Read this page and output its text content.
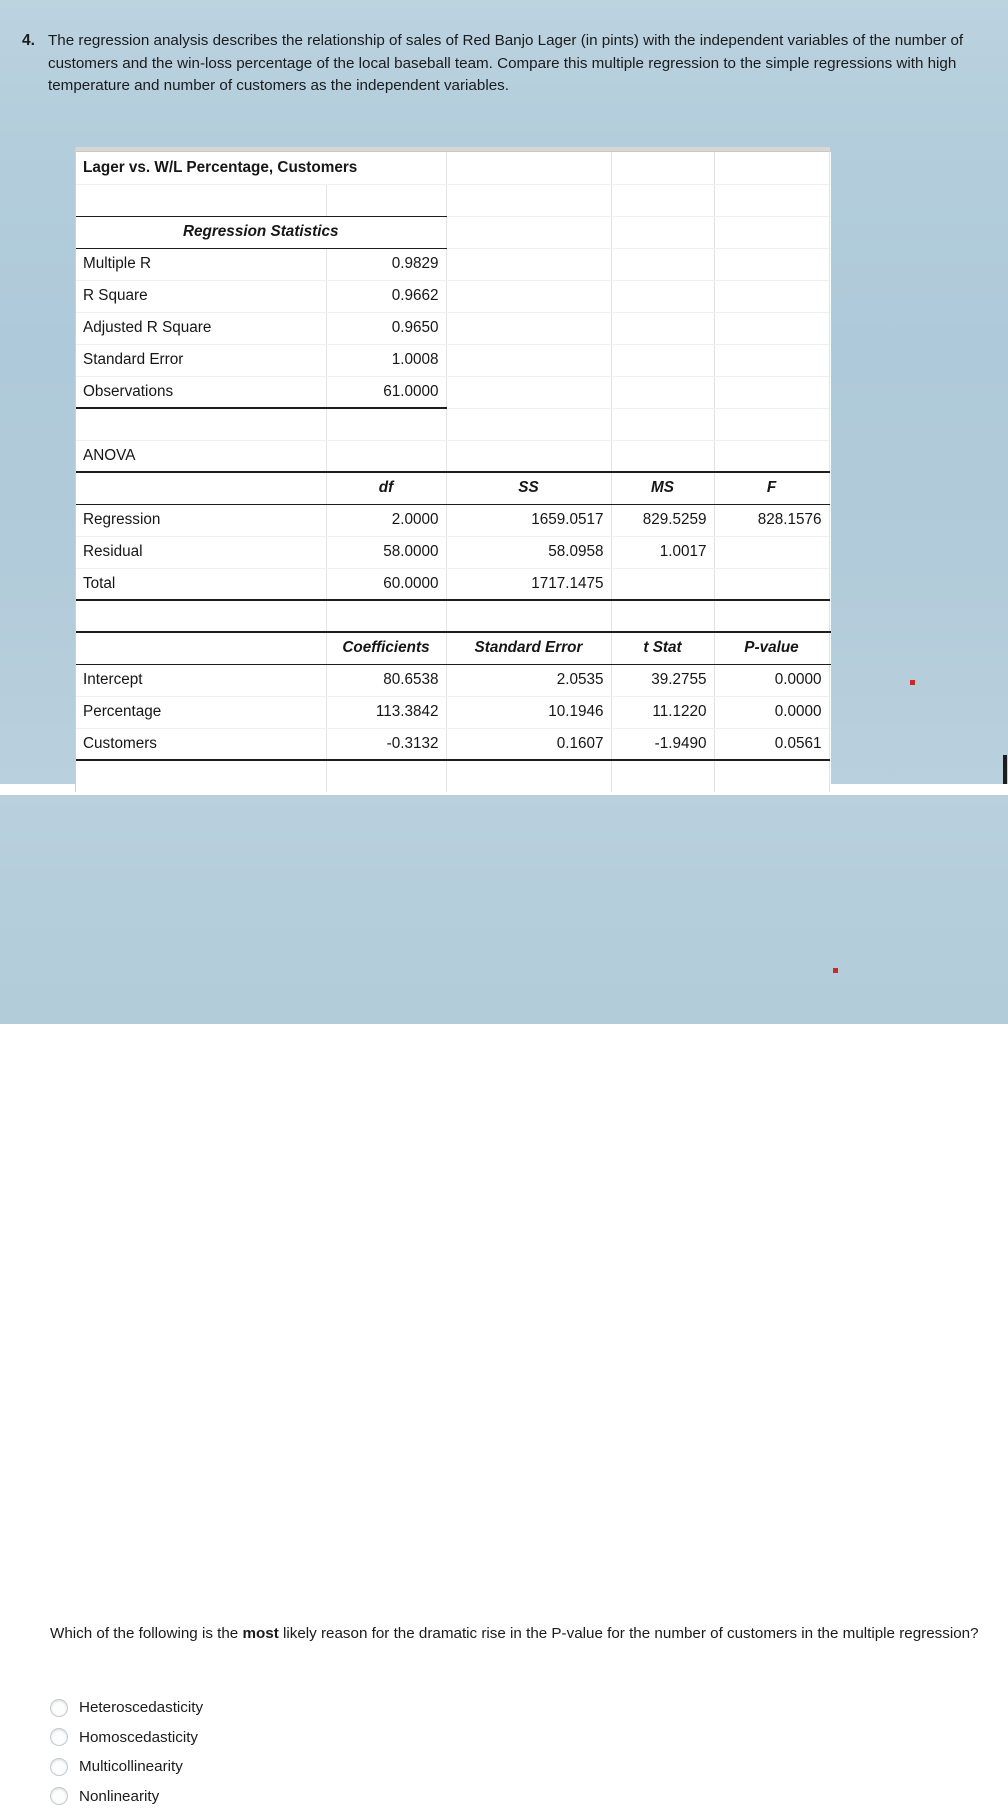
4. The regression analysis describes the relationship of sales of Red Banjo Lager (in pints) with the independent variables of the number of customers and the win-loss percentage of the local baseball team. Compare this multiple regression to the simple regressions with high temperature and number of customers as the independent variables.
Lager vs. W/L Percentage, Customers					

Regression Statistics					
Multiple R	0.9829				
R Square	0.9662				
Adjusted R Square	0.9650				
Standard Error	1.0008				
Observations	61.0000				

ANOVA					
	df	SS	MS	F	
Regression	2.0000	1659.0517	829.5259	828.1576	
Residual	58.0000	58.0958	1.0017		
Total	60.0000	1717.1475			

	Coefficients	Standard Error	t Stat	P-value	
Intercept	80.6538	2.0535	39.2755	0.0000	
Percentage	113.3842	10.1946	11.1220	0.0000	
Customers	-0.3132	0.1607	-1.9490	0.0561	

Which of the following is the most likely reason for the dramatic rise in the P-value for the number of customers in the multiple regression?
Heteroscedasticity
Homoscedasticity
Multicollinearity
Nonlinearity
